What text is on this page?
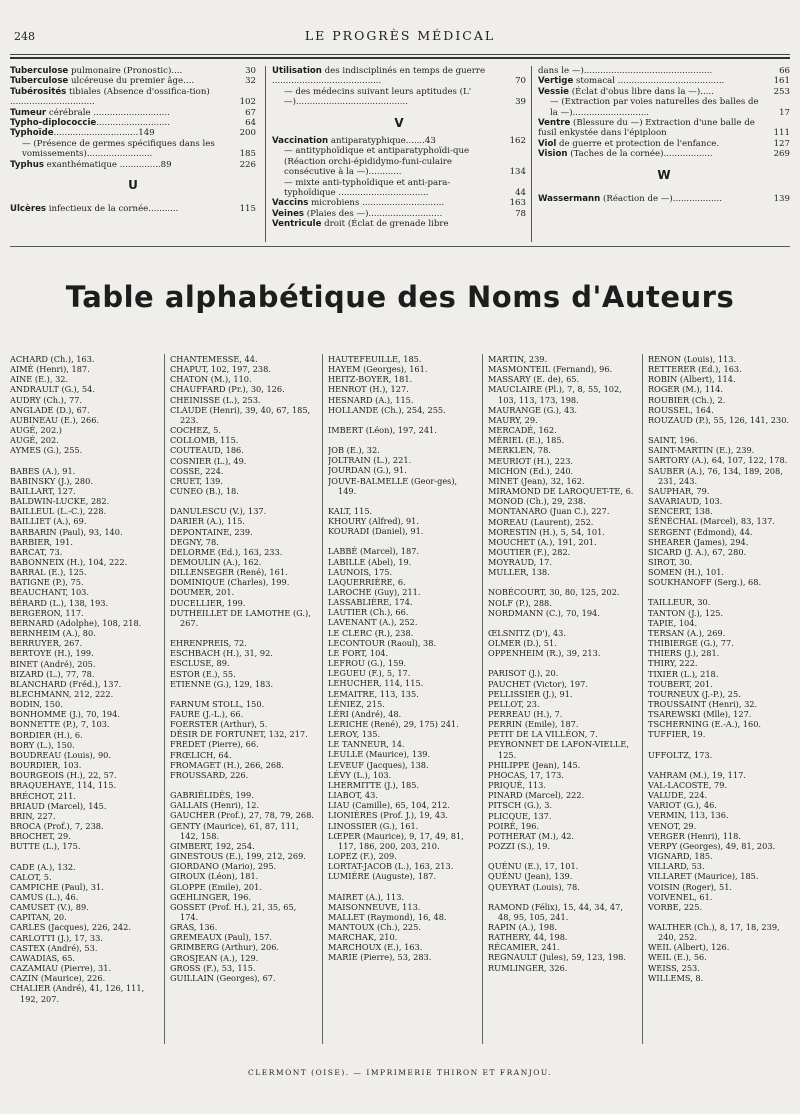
248	LE PROGRÈS MÉDICAL
Tuberculose pulmonaire (Pronostic)....	30
Tuberculose ulcéreuse du premier âge....	32
Tubérosités tibiales (Absence d'ossifica-tion) ...............................	102
Tumeur cérébrale ............................	67
Typho-diplococcie...........................	64
Typhoïde...............................149	200
— (Présence de germes spécifiques dans les vomissements)........................	185
Typhus exanthématique ...............89	226
U
Ulcères infectieux de la cornée...........	115
Utilisation des indisciplinés en temps de guerre ........................................	70
— des médecins suivant leurs aptitudes (L' —).........................................	39
V
Vaccination antiparatyphique.......43	162
— antityphoïdique et antiparatyphoïdi-que (Réaction orchi-épididymo-funi-culaire consécutive à la —)............	134
— mixte anti-typhoïdique et anti-para-typhoïdique .................................	44
Vaccins microbiens ..............................	163
Veines (Plaies des —)...........................	78
Ventricule droit (Éclat de grenade libre
dans le —)...............................................	66
Vertige stomacal .......................................	161
Vessie (Éclat d'obus libre dans la —).....	253
— (Extraction par voies naturelles des balles de la —)............................	17
Ventre (Blessure du —) Extraction d'une balle de fusil enkystée dans l'épiploon	111
Viol de guerre et protection de l'enfance.	127
Vision (Taches de la cornée)..................	269
W
Wassermann (Réaction de —)..................	139
Table alphabétique des Noms d'Auteurs
ACHARD (Ch.), 163.
AIMÉ (Henri), 187.
AINE (E.), 32.
ANDRAULT (G.), 54.
AUDRY (Ch.), 77.
ANGLADE (D.), 67.
AUBINEAU (E.), 266.
AUGÉ, 202.)
AUGÉ, 202.
AYMES (G.), 255.
BABES (A.), 91.
BABINSKY (J.), 280.
BAILLART, 127.
BALDWIN-LUCKE, 282.
BAILLEUL (L.-C.), 228.
BAILLIET (A.), 69.
BARBARIN (Paul), 93, 140.
BARBIER, 191.
BARCAT, 73.
BABONNEIX (H.), 104, 222.
BARRAL (E.), 125.
BATIGNE (P.), 75.
BEAUCHANT, 103.
BÉRARD (L.), 138, 193.
BERGERON, 117.
BERNARD (Adolphe), 108, 218.
BERNHEIM (A.), 80.
BERRUYER, 267.
BERTOYE (H.), 199.
BINET (André), 205.
BIZARD (L.), 77, 78.
BLANCHARD (Fréd.), 137.
BLECHMANN, 212, 222.
BODIN, 150.
BONHOMME (J.), 70, 194.
BONNETTE (P.), 7, 103.
BORDIER (H.), 6.
BORY (L.), 150.
BOUDREAU (Louis), 90.
BOURDIER, 103.
BOURGEOIS (H.), 22, 57.
BRAQUEHAYE, 114, 115.
BRÉCHOT, 211.
BRIAUD (Marcel), 145.
BRIN, 227.
BROCA (Prof.), 7, 238.
BROCHET, 29.
BUTTE (L.), 175.
CADE (A.), 132.
CALOT, 5.
CAMPICHE (Paul), 31.
CAMUS (L.), 46.
CAMUSET (V.), 89.
CAPITAN, 20.
CARLES (Jacques), 226, 242.
CARLOTTI (J.), 17, 33.
CASTEX (André), 53.
CAWADIAS, 65.
CAZAMIAU (Pierre), 31.
CAZIN (Maurice), 226.
CHALIER (André), 41, 126, 111, 192, 207.
CHANTEMESSE, 44.
CHAPUT, 102, 197, 238.
CHATON (M.), 110.
CHAUFFARD (Pr.), 30, 126.
CHEINISSE (L.), 253.
CLAUDE (Henri), 39, 40, 67, 185, 223.
COCHEZ, 5.
COLLOMB, 115.
COUTEAUD, 186.
COSNIER (L.), 49.
COSSE, 224.
CRUET, 139.
CUNEO (B.), 18.
DANULESCU (V.), 137.
DARIER (A.), 115.
DEPONTAINE, 239.
DEGNY, 78.
DELORME (Ed.), 163, 233.
DEMOULIN (A.), 162.
DILLENSEGER (René), 161.
DOMINIQUE (Charles), 199.
DOUMER, 201.
DUCELLIER, 199.
DUTHEILLET DE LAMOTHE (G.), 267.
EHRENPREIS, 72.
ESCHBACH (H.), 31, 92.
ESCLUSE, 89.
ESTOR (E.), 55.
ETIENNE (G.), 129, 183.
FARNUM STOLL, 150.
FAURE (J.-L.), 66.
FOERSTER (Arthur), 5.
DÉSIR DE FORTUNET, 132, 217.
FREDET (Pierre), 66.
FRŒLICH, 64.
FROMAGET (H.), 266, 268.
FROUSSARD, 226.
GABRIÉLIDÈS, 199.
GALLAIS (Henri), 12.
GAUCHER (Prof.), 27, 78, 79, 268.
GENTY (Maurice), 61, 87, 111, 142, 158.
GIMBERT, 192, 254.
GINESTOUS (E.), 199, 212, 269.
GIORDANO (Mario), 295.
GIROUX (Léon), 181.
GLOPPE (Emile), 201.
GŒHLINGER, 196.
GOSSET (Prof. H.), 21, 35, 65, 174.
GRAS, 136.
GREMEAUX (Paul), 157.
GRIMBERG (Arthur), 206.
GROSJEAN (A.), 129.
GROSS (F.), 53, 115.
GUILLAIN (Georges), 67.
HAUTEFEUILLE, 185.
HAYEM (Georges), 161.
HEITZ-BOYER, 181.
HENROT (H.), 127.
HESNARD (A.), 115.
HOLLANDE (Ch.), 254, 255.
IMBERT (Léon), 197, 241.
JOB (E.), 32.
JOLTRAIN (L.), 221.
JOURDAN (G.), 91.
JOUVE-BALMELLE (Geor-ges), 149.
KALT, 115.
KHOURY (Alfred), 91.
KOURADI (Daniel), 91.
LABBÉ (Marcel), 187.
LABILLE (Abel), 19.
LAUNOIS, 175.
LAQUERRIÈRE, 6.
LAROCHE (Guy), 211.
LASSABLIÈRE, 174.
LAUTIER (Ch.), 66.
LAVENANT (A.), 252.
LE CLERC (R.), 238.
LECONTOUR (Raoul), 38.
LE FORT, 104.
LEFROU (G.), 159.
LEGUEU (F.), 5, 17.
LEHUCHER, 114, 115.
LEMAITRE, 113, 135.
LÉNIEZ, 215.
LÉRI (André), 48.
LERICHE (René), 29, 175) 241.
LEROY, 135.
LE TANNEUR, 14.
LEULLE (Maurice), 139.
LEVEUF (Jacques), 138.
LÉVY (L.), 103.
LHERMITTE (J.), 185.
LIABOT, 43.
LIAU (Camille), 65, 104, 212.
LIONIÈRES (Prof. J.), 19, 43.
LINOSSIER (G.), 161.
LŒPER (Maurice), 9, 17, 49, 81, 117, 186, 200, 203, 210.
LOPEZ (F.), 209.
LORTAT-JACOB (L.), 163, 213.
LUMIÈRE (Auguste), 187.
MAIRET (A.), 113.
MAISONNEUVE, 113.
MALLET (Raymond), 16, 48.
MANTOUX (Ch.), 225.
MARCHAK, 210.
MARCHOUX (E.), 163.
MARIE (Pierre), 53, 283.
MARTIN, 239.
MASMONTEIL (Fernand), 96.
MASSARY (E. de), 65.
MAUCLAIRE (Pl.), 7, 8, 55, 102, 103, 113, 173, 198.
MAURANGE (G.), 43.
MAURY, 29.
MERCADÉ, 162.
MÉRIEL (E.), 185.
MERKLEN, 78.
MEURIOT (H.), 223.
MICHON (Ed.), 240.
MINET (Jean), 32, 162.
MIRAMOND DE LAROQUET-TE, 6.
MONOD (Ch.), 29, 238.
MONTANARO (Juan C.), 227.
MOREAU (Laurent), 252.
MORESTIN (H.), 5, 54, 101.
MOUCHET (A.), 191, 201.
MOUTIER (F.), 282.
MOYRAUD, 17.
MULLER, 138.
NOBÉCOURT, 30, 80, 125, 202.
NOLF (P.), 288.
NORDMANN (C.), 70, 194.
ŒLSNITZ (D'), 43.
OLMER (D.), 51.
OPPENHEIM (R.), 39, 213.
PARISOT (J.), 20.
PAUCHET (Victor), 197.
PELLISSIER (J.), 91.
PELLOT, 23.
PERREAU (H.), 7.
PERRIN (Emile), 187.
PETIT DE LA VILLÉON, 7.
PEYRONNET DE LAFON-VIELLE, 125.
PHILIPPE (Jean), 145.
PHOCAS, 17, 173.
PRIQUÉ, 113.
PINARD (Marcel), 222.
PITSCH (G.), 3.
PLICQUE, 137.
POIRÉ, 196.
POTHERAT (M.), 42.
POZZI (S.), 19.
QUÉNU (E.), 17, 101.
QUÉNU (Jean), 139.
QUEYRAT (Louis), 78.
RAMOND (Félix), 15, 44, 34, 47, 48, 95, 105, 241.
RAPIN (A.), 198.
RATHERY, 44, 198.
RÉCAMIER, 241.
REGNAULT (Jules), 59, 123, 198.
RUMLINGER, 326.
RENON (Louis), 113.
RETTERER (Ed.), 163.
ROBIN (Albert), 114.
ROGER (M.), 114.
ROUBIER (Ch.), 2.
ROUSSEL, 164.
ROUZAUD (P.), 55, 126, 141, 230.
SAINT, 196.
SAINT-MARTIN (E.), 239.
SARTORY (A.), 64, 107, 122, 178.
SAUBER (A.), 76, 134, 189, 208, 231, 243.
SAUPHAR, 79.
SAVARIAUD, 103.
SENCERT, 138.
SÉNÉCHAL (Marcel), 83, 137.
SERGENT (Edmond), 44.
SHEARER (James), 294.
SICARD (J. A.), 67, 280.
SIROT, 30.
SOMEN (H.), 101.
SOUKHANOFF (Serg.), 68.
TAILLEUR, 30.
TANTON (J.), 125.
TAPIE, 104.
TERSAN (A.), 269.
THIBIERGE (G.), 77.
THIERS (J.), 281.
THIRY, 222.
TIXIER (L.), 218.
TOUBERT, 201.
TOURNEUX (J.-P.), 25.
TROUSSAINT (Henri), 32.
TSAREWSKI (Mlle), 127.
TSCHERNING (E.-A.), 160.
TUFFIER, 19.
UFFOLTZ, 173.
VAHRAM (M.), 19, 117.
VAL-LACOSTE, 79.
VALUDE, 224.
VARIOT (G.), 46.
VERMIN, 113, 136.
VENOT, 29.
VERGER (Henri), 118.
VERPY (Georges), 49, 81, 203.
VIGNARD, 185.
VILLARD, 53.
VILLARET (Maurice), 185.
VOISIN (Roger), 51.
VOIVENEL, 61.
VORBE, 225.
WALTHER (Ch.), 8, 17, 18, 239, 240, 252.
WEIL (Albert), 126.
WEIL (E.), 56.
WEISS, 253.
WILLEMS, 8.
CLERMONT (OISE). — IMPRIMERIE THIRON ET FRANJOU.
